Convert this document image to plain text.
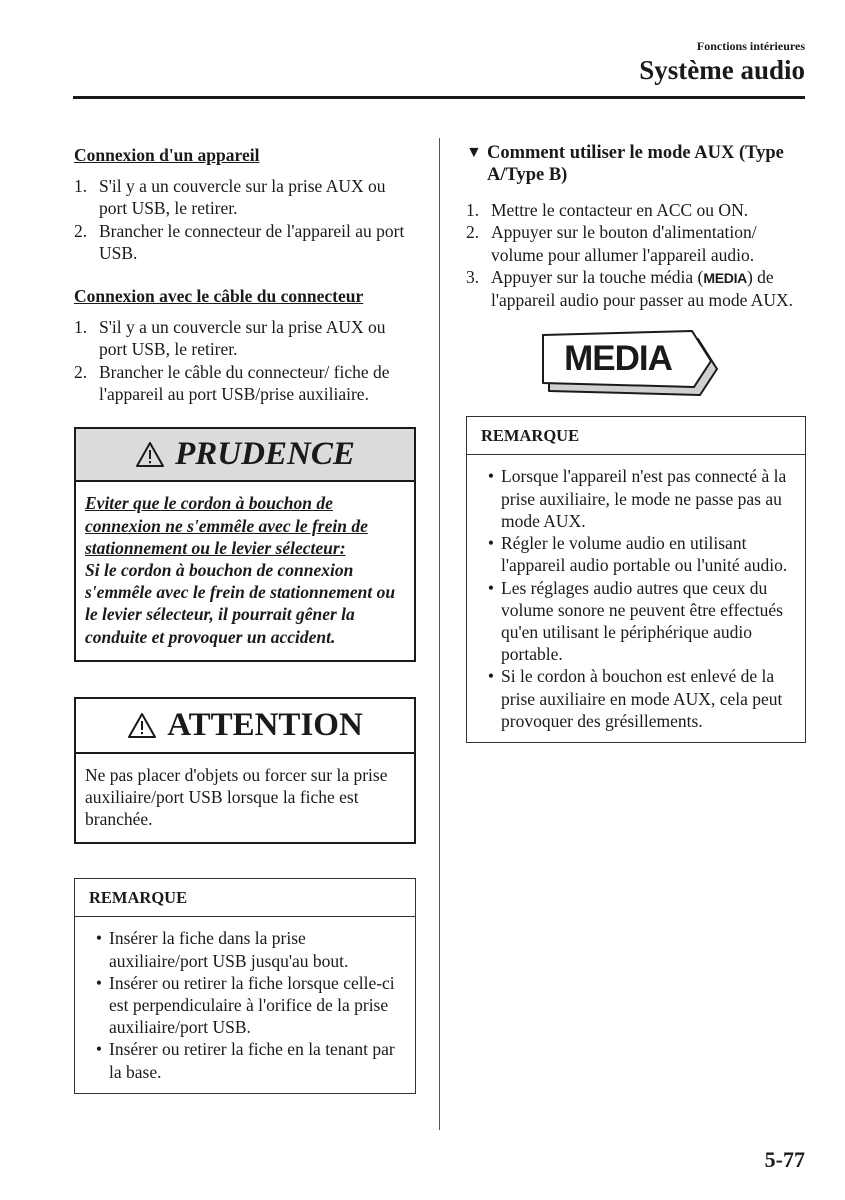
Fonctions intérieures
Système audio
Connexion d'un appareil
1. S'il y a un couvercle sur la prise AUX ou port USB, le retirer.
2. Brancher le connecteur de l'appareil au port USB.
Connexion avec le câble du connecteur
1. S'il y a un couvercle sur la prise AUX ou port USB, le retirer.
2. Brancher le câble du connecteur/ fiche de l'appareil au port USB/prise auxiliaire.
PRUDENCE
Eviter que le cordon à bouchon de connexion ne s'emmêle avec le frein de stationnement ou le levier sélecteur:
Si le cordon à bouchon de connexion s'emmêle avec le frein de stationnement ou le levier sélecteur, il pourrait gêner la conduite et provoquer un accident.
ATTENTION
Ne pas placer d'objets ou forcer sur la prise auxiliaire/port USB lorsque la fiche est branchée.
REMARQUE
• Insérer la fiche dans la prise auxiliaire/port USB jusqu'au bout.
• Insérer ou retirer la fiche lorsque celle-ci est perpendiculaire à l'orifice de la prise auxiliaire/port USB.
• Insérer ou retirer la fiche en la tenant par la base.
▼ Comment utiliser le mode AUX (Type A/Type B)
1. Mettre le contacteur en ACC ou ON.
2. Appuyer sur le bouton d'alimentation/ volume pour allumer l'appareil audio.
3. Appuyer sur la touche média (MEDIA) de l'appareil audio pour passer au mode AUX.
MEDIA
REMARQUE
• Lorsque l'appareil n'est pas connecté à la prise auxiliaire, le mode ne passe pas au mode AUX.
• Régler le volume audio en utilisant l'appareil audio portable ou l'unité audio.
• Les réglages audio autres que ceux du volume sonore ne peuvent être effectués qu'en utilisant le périphérique audio portable.
• Si le cordon à bouchon est enlevé de la prise auxiliaire en mode AUX, cela peut provoquer des grésillements.
5-77
